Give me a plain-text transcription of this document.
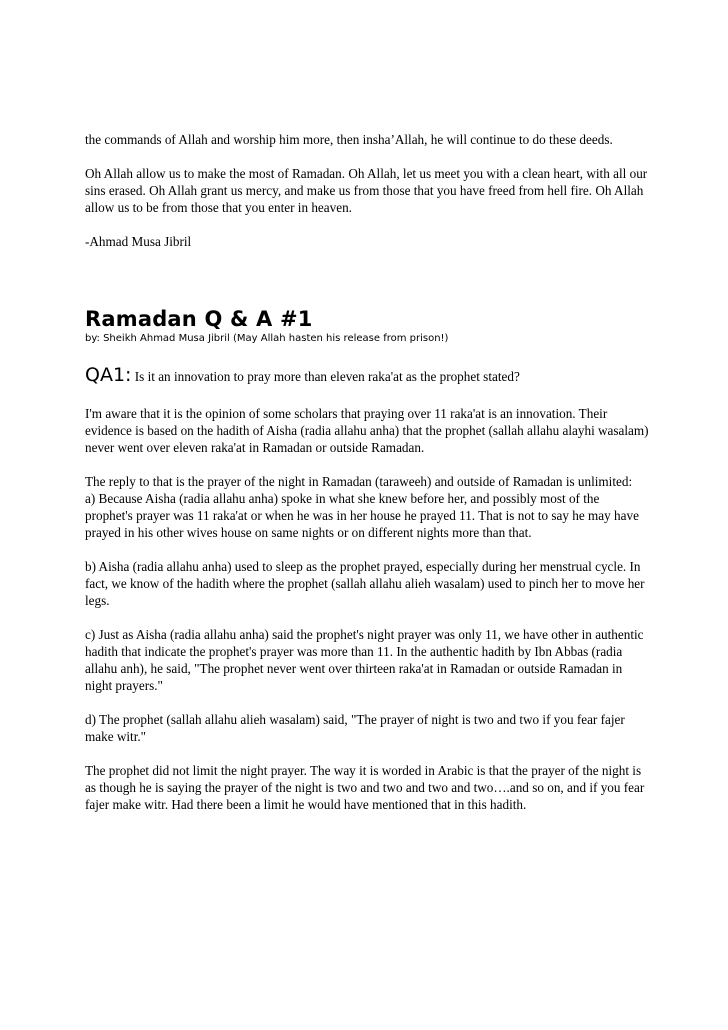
the commands of Allah and worship him more, then insha’Allah, he will continue to do these deeds.

Oh Allah allow us to make the most of Ramadan. Oh Allah, let us meet you with a clean heart, with all our sins erased. Oh Allah grant us mercy, and make us from those that you have freed from hell fire. Oh Allah allow us to be from those that you enter in heaven.

-Ahmad Musa Jibril

Ramadan Q & A #1
by: Sheikh Ahmad Musa Jibril (May Allah hasten his release from prison!)
QA1: Is it an innovation to pray more than eleven raka'at as the prophet stated?

I'm aware that it is the opinion of some scholars that praying over 11 raka'at is an innovation. Their evidence is based on the hadith of Aisha (radia allahu anha) that the prophet (sallah allahu alayhi wasalam) never went over eleven raka'at in Ramadan or outside Ramadan.

The reply to that is the prayer of the night in Ramadan (taraweeh) and outside of Ramadan is unlimited:

a) Because Aisha (radia allahu anha) spoke in what she knew before her, and possibly most of the prophet's prayer was 11 raka'at or when he was in her house he prayed 11. That is not to say he may have prayed in his other wives house on same nights or on different nights more than that.

b) Aisha (radia allahu anha) used to sleep as the prophet prayed, especially during her menstrual cycle. In fact, we know of the hadith where the prophet (sallah allahu alieh wasalam) used to pinch her to move her legs.

c) Just as Aisha (radia allahu anha) said the prophet's night prayer was only 11, we have other in authentic hadith that indicate the prophet's prayer was more than 11. In the authentic hadith by Ibn Abbas (radia allahu anh), he said, "The prophet never went over thirteen raka'at in Ramadan or outside Ramadan in night prayers."

d) The prophet (sallah allahu alieh wasalam) said, "The prayer of night is two and two if you fear fajer make witr."

The prophet did not limit the night prayer. The way it is worded in Arabic is that the prayer of the night is as though he is saying the prayer of the night is two and two and two and two….and so on, and if you fear fajer make witr. Had there been a limit he would have mentioned that in this hadith.
